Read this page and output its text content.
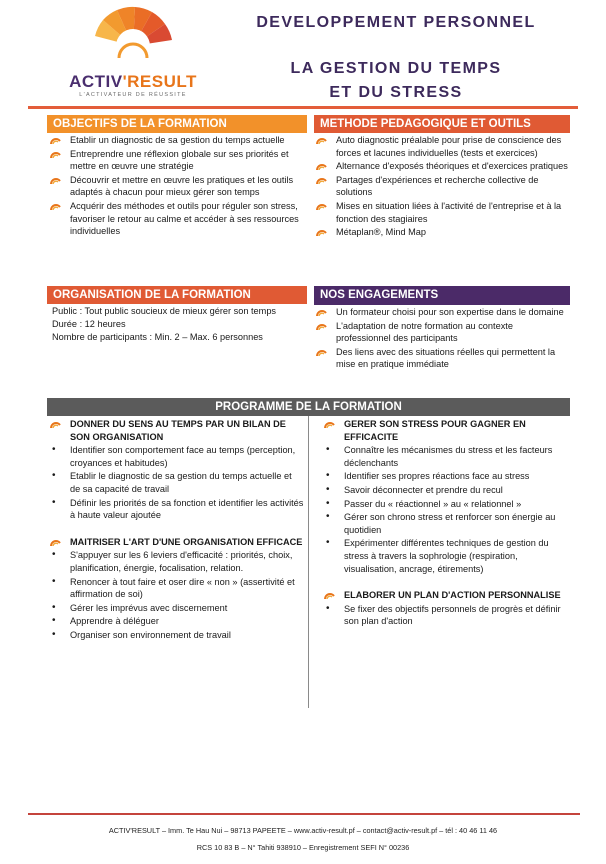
ACTIV'RESULT
L'ACTIVATEUR DE RÉUSSITE
DEVELOPPEMENT PERSONNEL
LA GESTION DU TEMPS
ET DU STRESS
OBJECTIFS DE LA FORMATION
Etablir un diagnostic de sa gestion du temps actuelle
Entreprendre une réflexion globale sur ses priorités et mettre en œuvre une stratégie
Découvrir et mettre en œuvre les pratiques et les outils adaptés à chacun pour mieux gérer son temps
Acquérir des méthodes et outils pour réguler son stress, favoriser le retour au calme et accéder à ses ressources individuelles
METHODE PEDAGOGIQUE ET OUTILS
Auto diagnostic préalable pour prise de conscience des forces et lacunes individuelles (tests et exercices)
Alternance d'exposés théoriques et d'exercices pratiques
Partages d'expériences et recherche collective de solutions
Mises en situation liées à l'activité de l'entreprise et à la fonction des stagiaires
Métaplan®, Mind Map
ORGANISATION DE LA FORMATION
Public : Tout public soucieux de mieux gérer son temps
Durée : 12 heures
Nombre de participants : Min. 2 – Max. 6 personnes
NOS ENGAGEMENTS
Un formateur choisi pour son expertise dans le domaine
L'adaptation de notre formation au contexte professionnel des participants
Des liens avec des situations réelles qui permettent la mise en pratique immédiate
PROGRAMME DE LA FORMATION
DONNER DU SENS AU TEMPS PAR UN BILAN DE SON ORGANISATION
• Identifier son comportement face au temps (perception, croyances et habitudes)
• Etablir le diagnostic de sa gestion du temps actuelle et de sa capacité de travail
• Définir les priorités de sa fonction et identifier les activités à haute valeur ajoutée
MAITRISER L'ART D'UNE ORGANISATION EFFICACE
• S'appuyer sur les 6 leviers d'efficacité : priorités, choix, planification, énergie, focalisation, relation.
• Renoncer à tout faire et oser dire « non » (assertivité et affirmation de soi)
• Gérer les imprévus avec discernement
• Apprendre à déléguer
• Organiser son environnement de travail
GERER SON STRESS POUR GAGNER EN EFFICACITE
• Connaître les mécanismes du stress et les facteurs déclenchants
• Identifier ses propres réactions face au stress
• Savoir déconnecter et prendre du recul
• Passer du « réactionnel » au « relationnel »
• Gérer son chrono stress et renforcer son énergie au quotidien
• Expérimenter différentes techniques de gestion du stress à travers la sophrologie (respiration, visualisation, ancrage, étirements)
ELABORER UN PLAN D'ACTION PERSONNALISE
• Se fixer des objectifs personnels de progrès et définir son plan d'action
ACTIV'RESULT – Imm. Te Hau Nui – 98713 PAPEETE – www.activ-result.pf – contact@activ-result.pf – tél : 40 46 11 46
RCS 10 83 B – N° Tahiti 938910 – Enregistrement SEFI N° 00236
